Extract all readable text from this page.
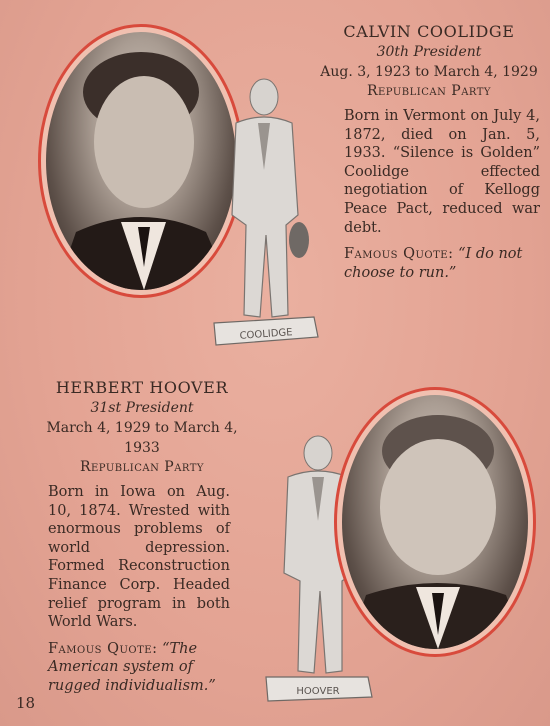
COOLIDGE
CALVIN COOLIDGE
30th President
Aug. 3, 1923 to March 4, 1929
Republican Party
Born in Vermont on July 4, 1872, died on Jan. 5, 1933. “Silence is Golden” Coolidge effected negotiation of Kellogg Peace Pact, reduced war debt.
Famous Quote: “I do not choose to run.”
HERBERT HOOVER
31st President
March 4, 1929 to March 4, 1933
Republican Party
Born in Iowa on Aug. 10, 1874. Wrested with enormous problems of world depression. Formed Reconstruction Finance Corp. Headed relief program in both World Wars.
Famous Quote: “The American system of rugged individualism.”	HOOVER
18
